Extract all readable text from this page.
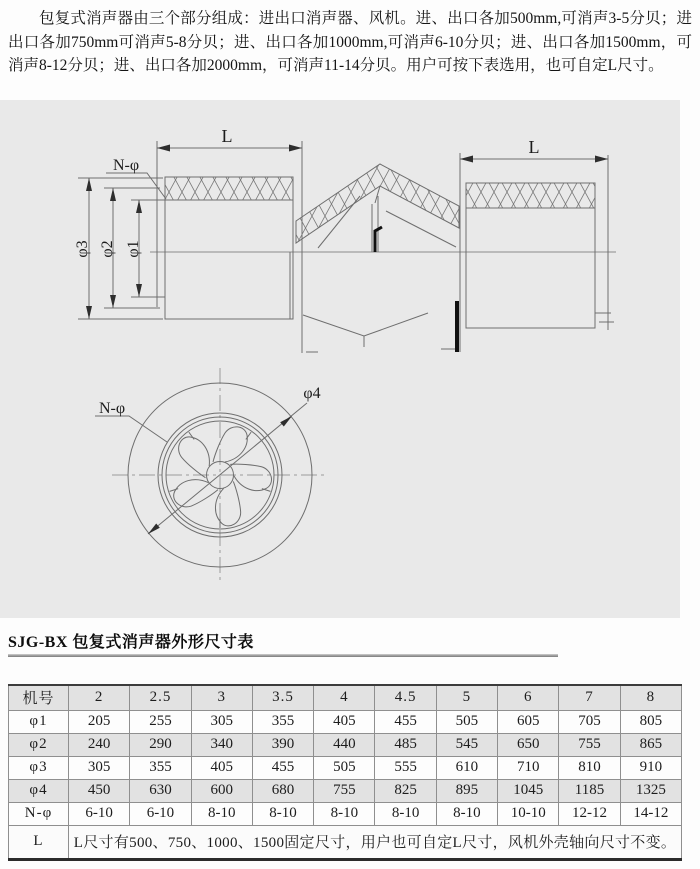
包复式消声器由三个部分组成：进出口消声器、风机。进、出口各加500mm,可消声3-5分贝；进出口各加750mm可消声5-8分贝；进、出口各加1000mm,可消声6-10分贝；进、出口各加1500mm，可消声8-12分贝；进、出口各加2000mm，可消声11-14分贝。用户可按下表选用，也可自定L尺寸。

L
L
N-φ
φ3 φ2 φ1
N-φ
φ4
SJG-BX 包复式消声器外形尺寸表
机号	2	2.5	3	3.5	4	4.5	5	6	7	8
φ1	205	255	305	355	405	455	505	605	705	805
φ2	240	290	340	390	440	485	545	650	755	865
φ3	305	355	405	455	505	555	610	710	810	910
φ4	450	630	600	680	755	825	895	1045	1185	1325
N-φ	6-10	6-10	8-10	8-10	8-10	8-10	8-10	10-10	12-12	14-12
L	L尺寸有500、750、1000、1500固定尺寸，用户也可自定L尺寸，风机外壳轴向尺寸不变。									
